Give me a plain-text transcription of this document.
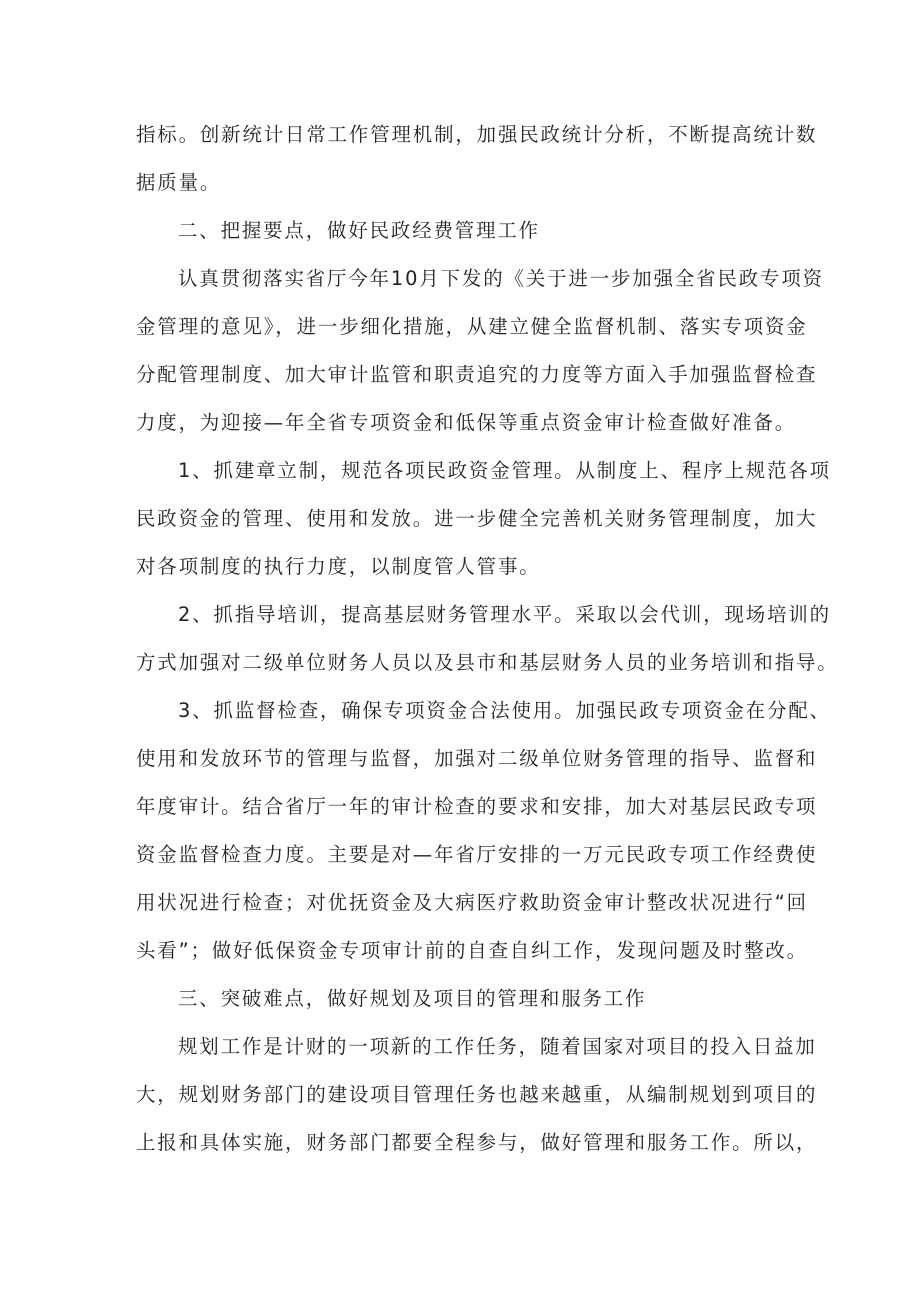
指标。创新统计日常工作管理机制，加强民政统计分析，不断提高统计数

据质量。

二、把握要点，做好民政经费管理工作

认真贯彻落实省厅今年10月下发的《关于进一步加强全省民政专项资

金管理的意见》，进一步细化措施，从建立健全监督机制、落实专项资金

分配管理制度、加大审计监管和职责追究的力度等方面入手加强监督检查

力度，为迎接—年全省专项资金和低保等重点资金审计检查做好准备。

1、抓建章立制，规范各项民政资金管理。从制度上、程序上规范各项

民政资金的管理、使用和发放。进一步健全完善机关财务管理制度，加大

对各项制度的执行力度，以制度管人管事。

2、抓指导培训，提高基层财务管理水平。采取以会代训，现场培训的

方式加强对二级单位财务人员以及县市和基层财务人员的业务培训和指导。

3、抓监督检查，确保专项资金合法使用。加强民政专项资金在分配、

使用和发放环节的管理与监督，加强对二级单位财务管理的指导、监督和

年度审计。结合省厅一年的审计检查的要求和安排，加大对基层民政专项

资金监督检查力度。主要是对—年省厅安排的一万元民政专项工作经费使

用状况进行检查；对优抚资金及大病医疗救助资金审计整改状况进行“回

头看”；做好低保资金专项审计前的自查自纠工作，发现问题及时整改。

三、突破难点，做好规划及项目的管理和服务工作

规划工作是计财的一项新的工作任务，随着国家对项目的投入日益加

大，规划财务部门的建设项目管理任务也越来越重，从编制规划到项目的

上报和具体实施，财务部门都要全程参与，做好管理和服务工作。所以，
